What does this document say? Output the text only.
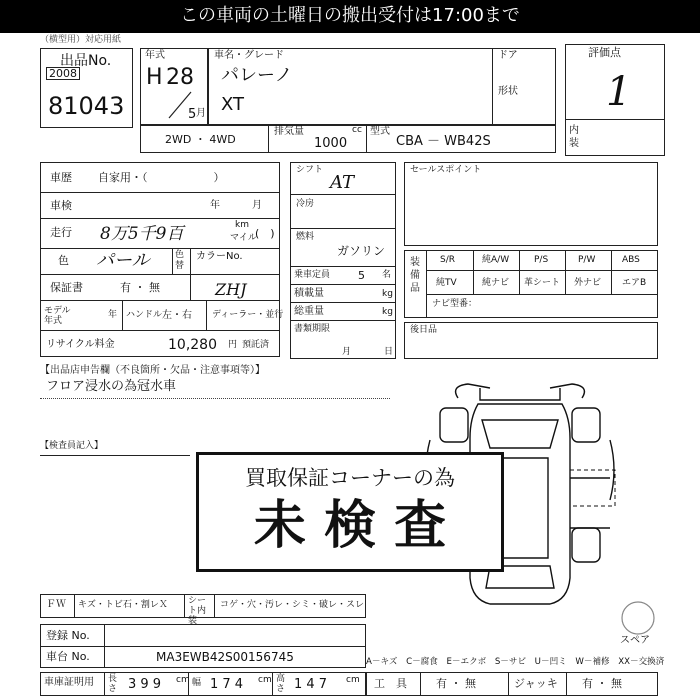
この車両の土曜日の搬出受付は17:00まで
（横型用）対応用紙
出品No.
2008
81043
年式
H 28
5 月
車名・グレード
パレーノ
XT
ドア
形状
評価点
1
内装
2WD ・ 4WD
排気量
1000
cc 型式
CBA － WB42S
車歴 自家用・（　　　　　　）
車検	年	月
走行 8万5千9百	km
マイル
(　)
色 パール	色替
カラーNo.
ZHJ
保証書	有 ・ 無
モデル年式
年 ハンドル 左・右 ディーラー・並行
リサイクル料金	10,280 円 預託済
シフト
AT
冷房
燃料
ガソリン
乗車定員	5 名
積載量	kg
総重量	kg
書類期限
月	日
セールスポイント
装備品
S/R	純A/W	P/S	P/W	ABS
純TV	純ナビ 革シート 外ナビ エアB
ナビ型番：
後日品
【出品店申告欄（不良箇所・欠品・注意事項等）】
フロア浸水の為冠水車
【検査員記入】
買取保証コーナーの為
未 検 査
スペア
ＦＷ キズ・トビ石・割レＸ シート内装
コゲ・穴・汚レ・シミ・破レ・スレ
登録 No.
車台 No.	MA3EWB42S00156745
車庫証明用 長さ 3 9 9 cm 幅 1 7 4 cm 高さ 1 4 7 cm
A－キズ　C－腐食　E－エクボ　S－サビ　U－凹ミ　W－補修　XX－交換済
工　具	有 ・ 無	ジャッキ 有 ・ 無
